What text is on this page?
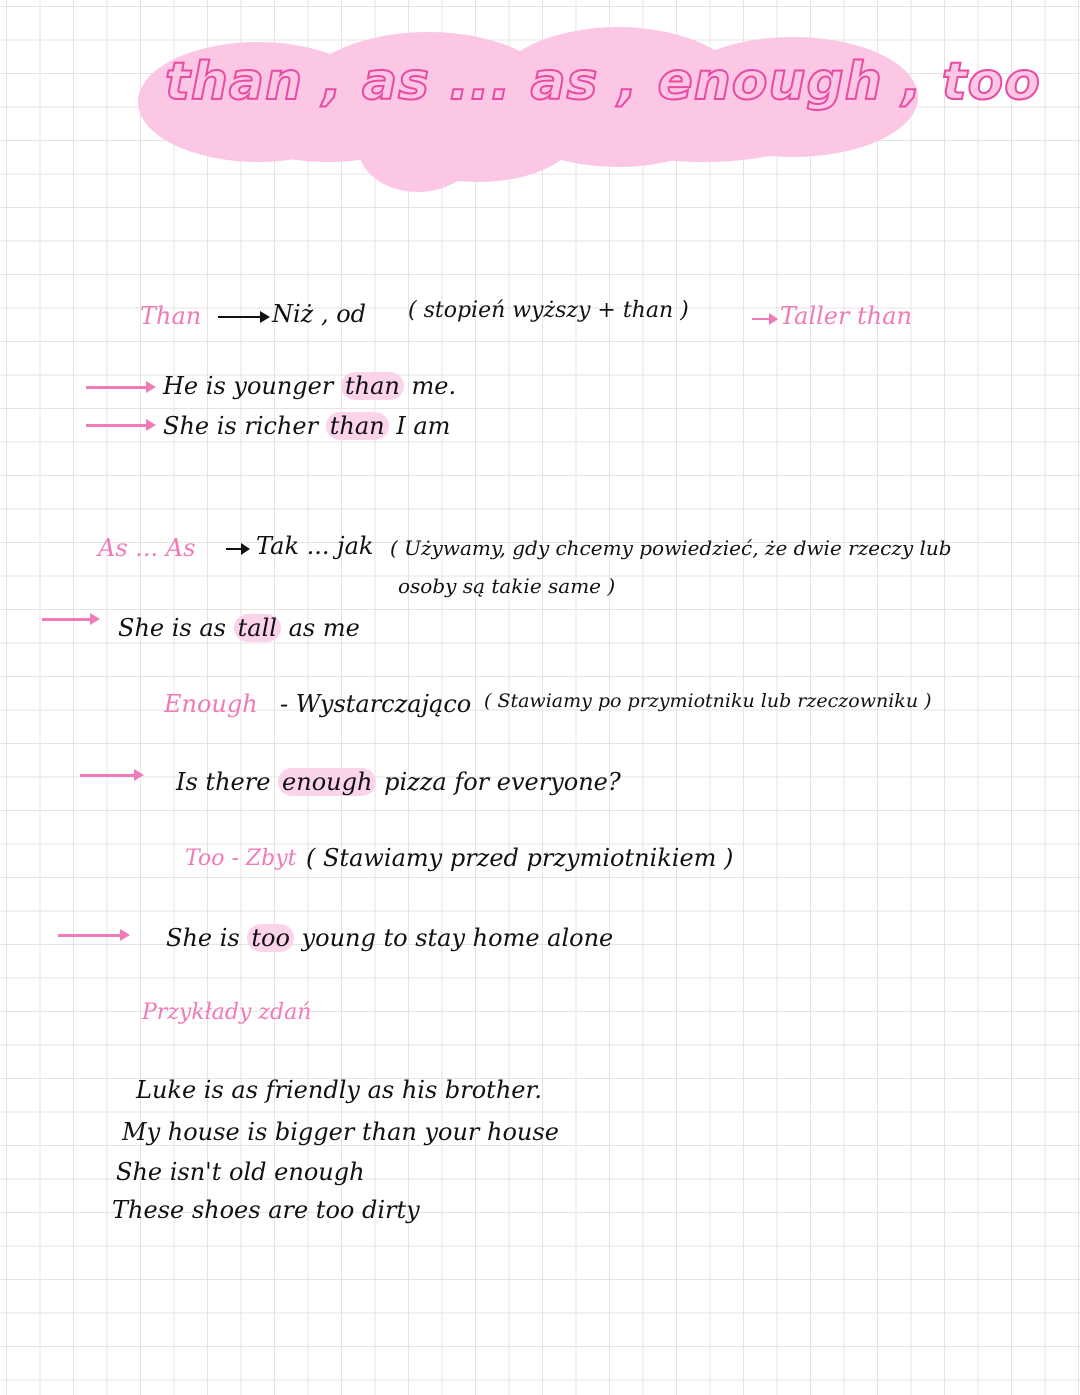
than , as ... as , enough , too
Than	Niż , od ( stopień wyższy + than )	Taller than
He is younger than me.
She is richer than I am
As ... As	Tak ... jak ( Używamy, gdy chcemy powiedzieć, że dwie rzeczy lub
osoby są takie same )
She is as tall as me
Enough - Wystarczająco ( Stawiamy po przymiotniku lub rzeczowniku )
Is there enough pizza for everyone?
Too - Zbyt ( Stawiamy przed przymiotnikiem )
She is too young to stay home alone
Przykłady zdań
Luke is as friendly as his brother.
My house is bigger than your house
She isn't old enough
These shoes are too dirty
